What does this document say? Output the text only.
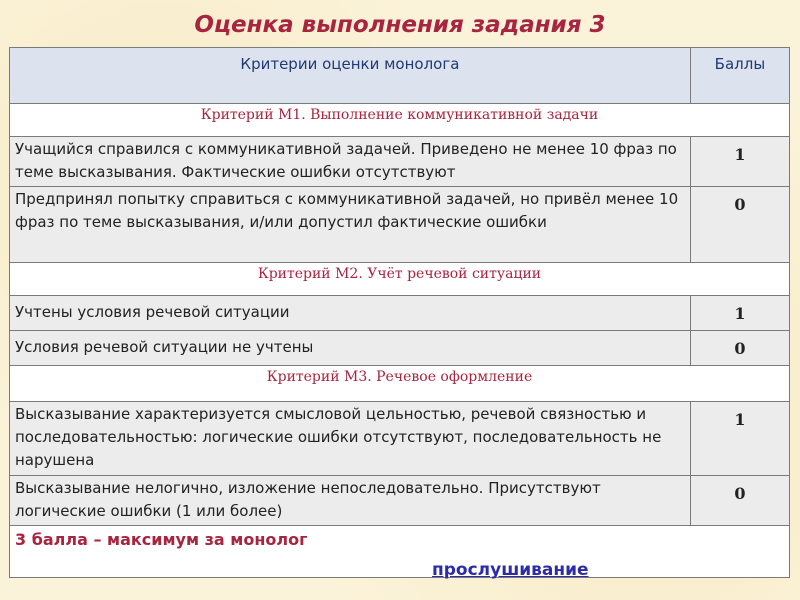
Оценка выполнения задания 3
Критерии оценки монолога	Баллы
Критерий М1. Выполнение коммуникативной задачи	
Учащийся справился с коммуникативной задачей. Приведено не менее 10 фраз по теме высказывания. Фактические ошибки отсутствуют	1
Предпринял попытку справиться с коммуникативной задачей, но привёл менее 10 фраз по теме высказывания, и/или допустил фактические ошибки	0
Критерий М2. Учёт речевой ситуации	
Учтены условия речевой ситуации	1
Условия речевой ситуации не учтены	0
Критерий М3. Речевое оформление	
Высказывание характеризуется смысловой цельностью, речевой связностью и последовательностью: логические ошибки отсутствуют, последовательность не нарушена	1
Высказывание нелогично, изложение непоследовательно. Присутствуют логические ошибки (1 или более)	0
3 балла – максимум за монолог	
прослушивание
